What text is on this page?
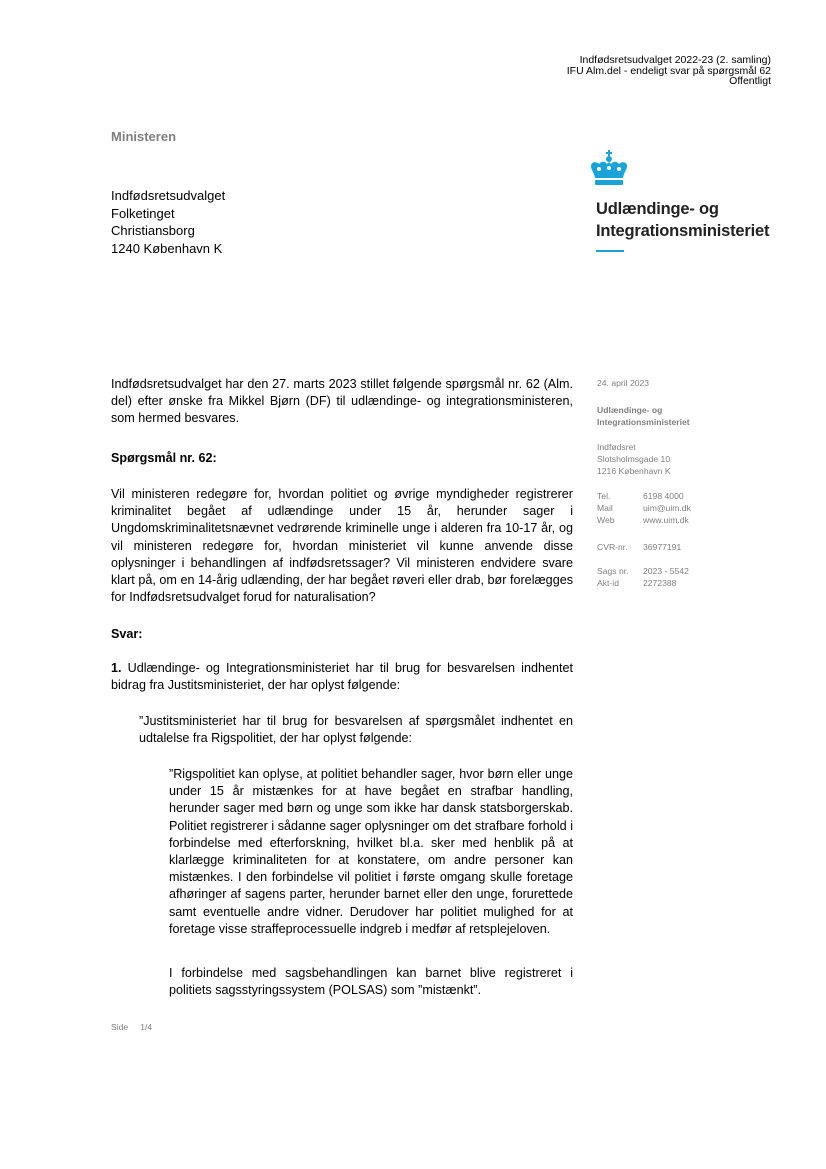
Indfødsretsudvalget 2022-23 (2. samling)
IFU Alm.del - endeligt svar på spørgsmål 62
Offentligt
Ministeren
Indfødsretsudvalget
Folketinget
Christiansborg
1240 København K
Udlændinge- og
Integrationsministeriet
24. april 2023
Udlændinge- og
Integrationsministeriet
Indfødsret
Slotsholmsgade 10
1216 København K
Tel.	6198 4000
Mail	uim@uim.dk
Web	www.uim.dk
CVR-nr.	36977191
Sags nr.	2023 - 5542
Akt-id	2272388

Indfødsretsudvalget har den 27. marts 2023 stillet følgende spørgsmål nr. 62 (Alm. del) efter ønske fra Mikkel Bjørn (DF) til udlændinge- og integrationsministeren, som hermed besvares.

Spørgsmål nr. 62:

Vil ministeren redegøre for, hvordan politiet og øvrige myndigheder registrerer kriminalitet begået af udlændinge under 15 år, herunder sager i Ungdomskriminalitetsnævnet vedrørende kriminelle unge i alderen fra 10-17 år, og vil ministeren redegøre for, hvordan ministeriet vil kunne anvende disse oplysninger i behandlingen af indfødsretssager? Vil ministeren endvidere svare klart på, om en 14-årig udlænding, der har begået røveri eller drab, bør forelægges for Indfødsretsudvalget forud for naturalisation?

Svar:

1. Udlændinge- og Integrationsministeriet har til brug for besvarelsen indhentet bidrag fra Justitsministeriet, der har oplyst følgende:

”Justitsministeriet har til brug for besvarelsen af spørgsmålet indhentet en udtalelse fra Rigspolitiet, der har oplyst følgende:

”Rigspolitiet kan oplyse, at politiet behandler sager, hvor børn eller unge under 15 år mistænkes for at have begået en strafbar handling, herunder sager med børn og unge som ikke har dansk statsborgerskab. Politiet registrerer i sådanne sager oplysninger om det strafbare forhold i forbindelse med efterforskning, hvilket bl.a. sker med henblik på at klarlægge kriminaliteten for at konstatere, om andre personer kan mistænkes. I den forbindelse vil politiet i første omgang skulle foretage afhøringer af sagens parter, herunder barnet eller den unge, forurettede samt eventuelle andre vidner. Derudover har politiet mulighed for at foretage visse straffeprocessuelle indgreb i medfør af retsplejeloven.

I forbindelse med sagsbehandlingen kan barnet blive registreret i politiets sagsstyringssystem (POLSAS) som ”mistænkt”.

Side 1/4
